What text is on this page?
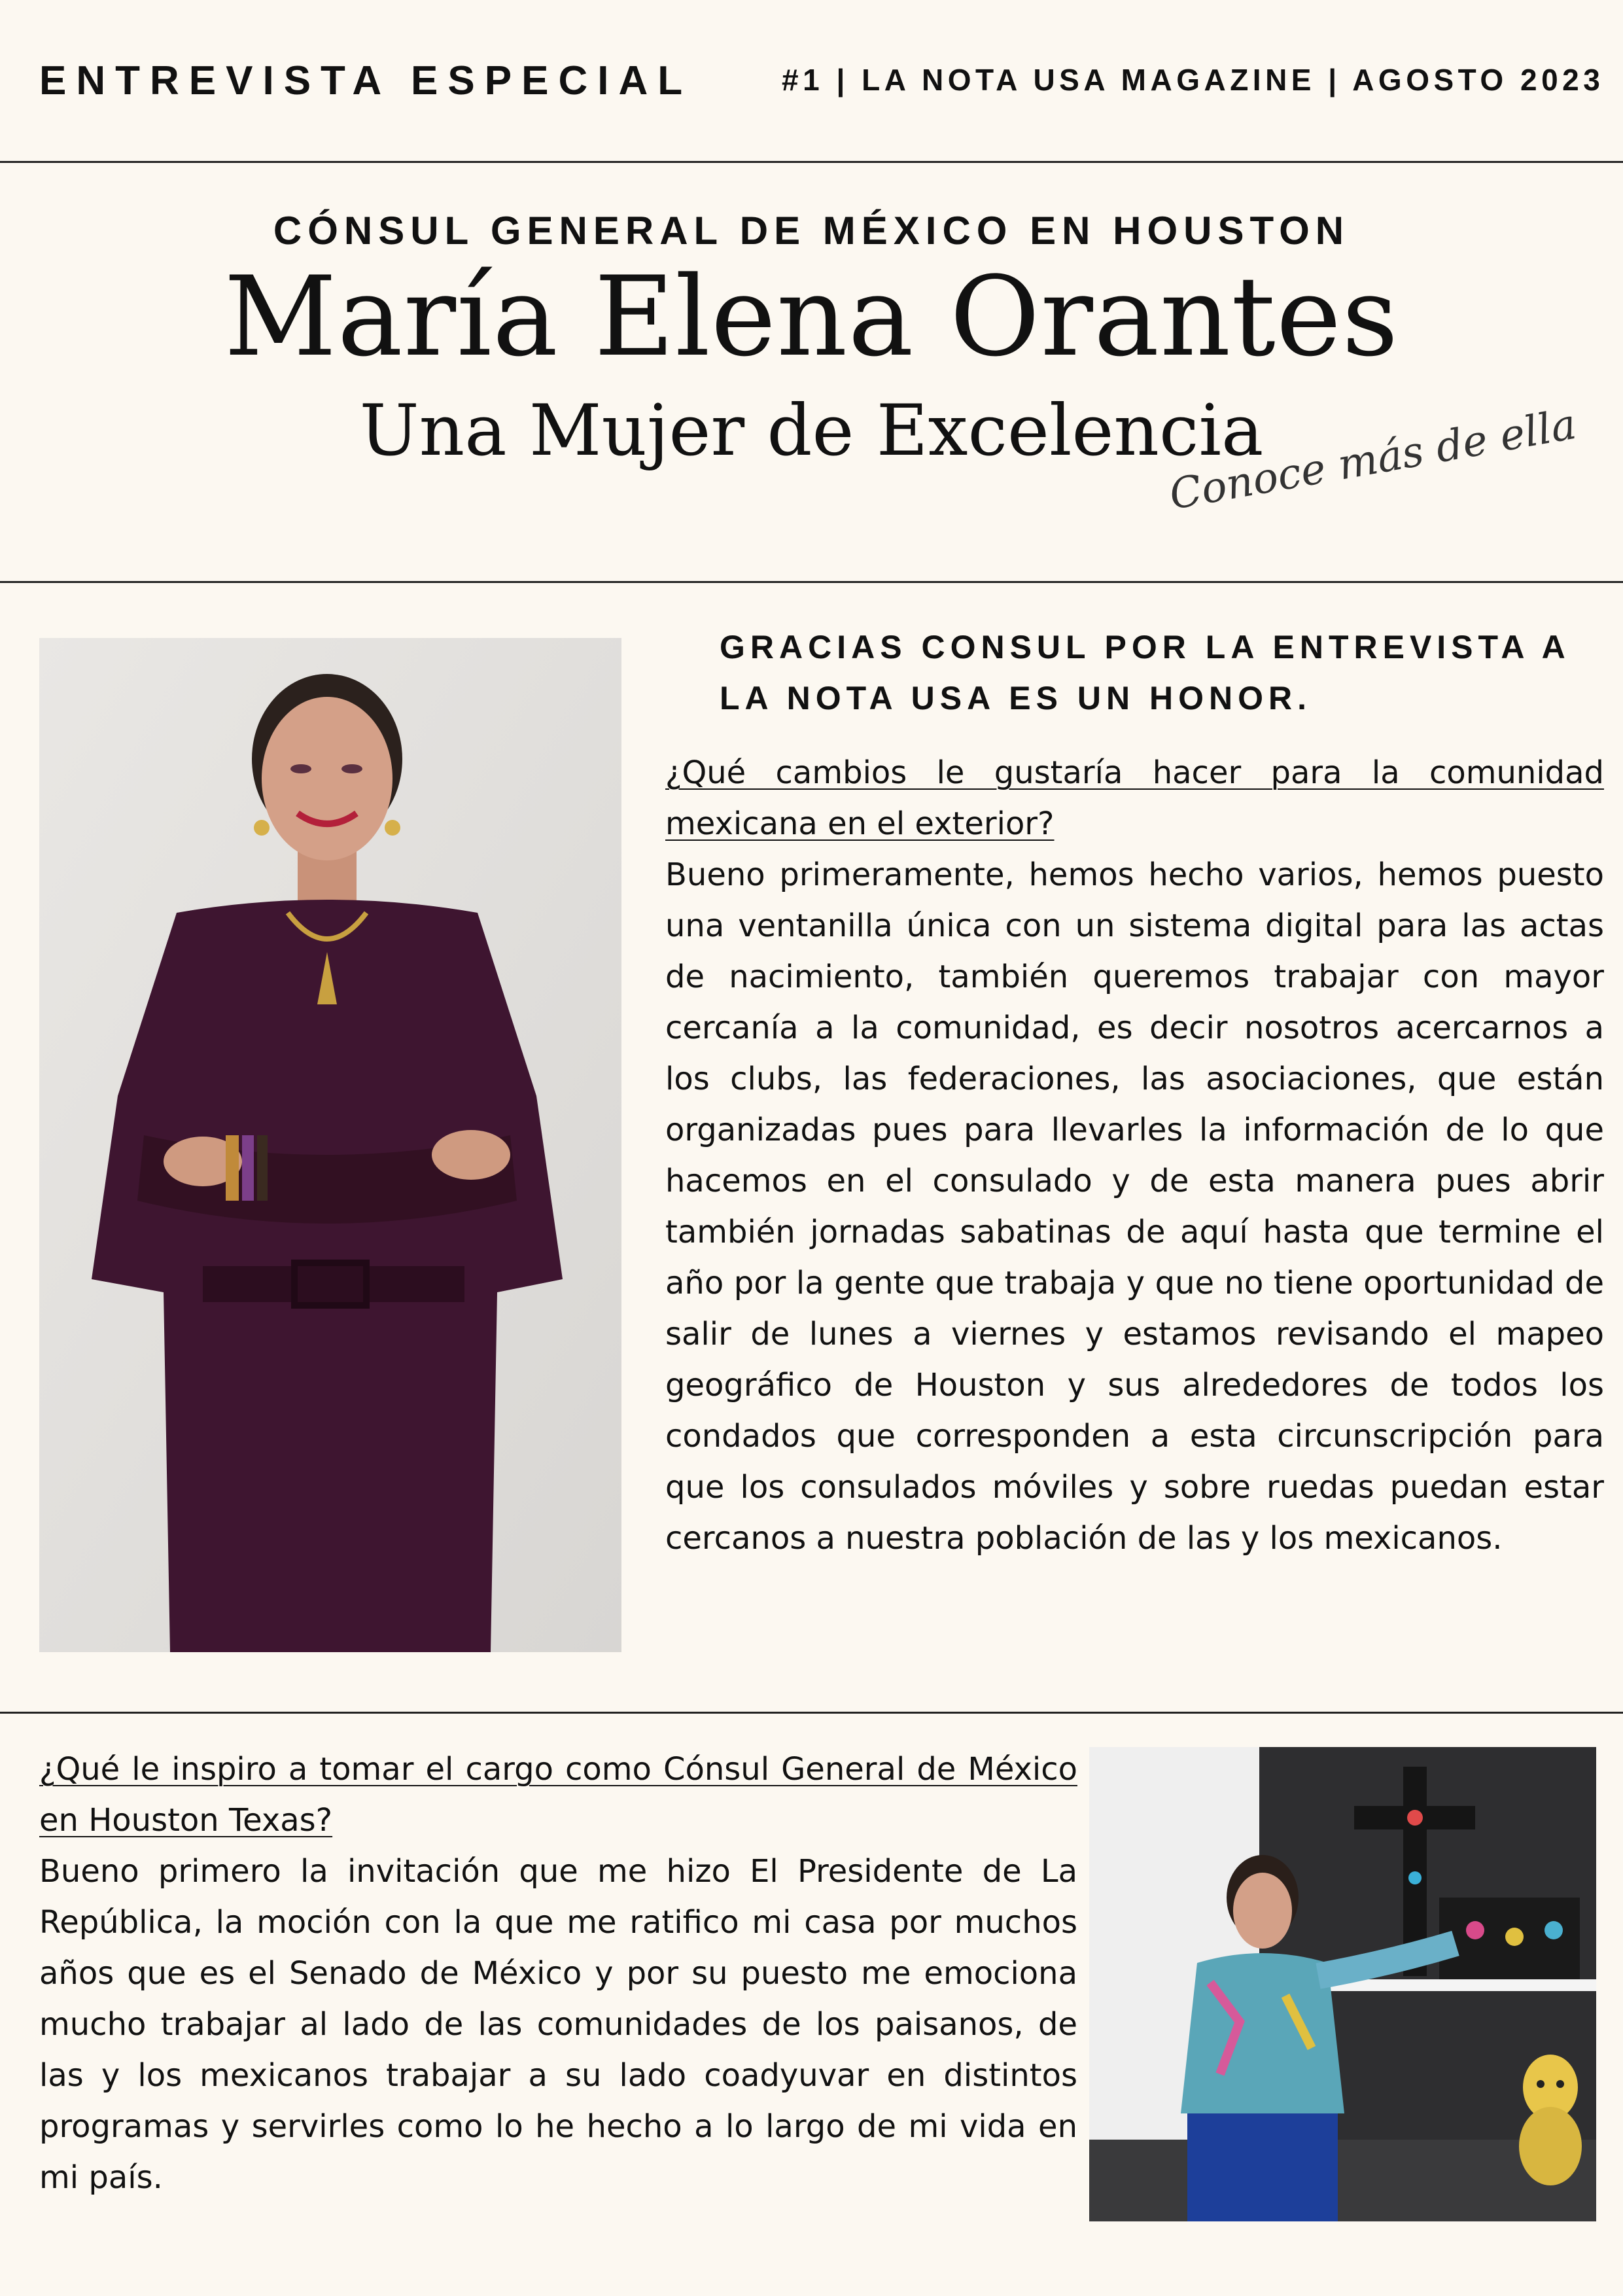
ENTREVISTA ESPECIAL	#1 | LA NOTA USA MAGAZINE | AGOSTO 2023
CÓNSUL GENERAL DE MÉXICO EN HOUSTON
María Elena Orantes
Una Mujer de Excelencia
Conoce más de ella
GRACIAS CONSUL POR LA ENTREVISTA A LA NOTA USA ES UN HONOR.
¿Qué cambios le gustaría hacer para la comunidad mexicana en el exterior?
Bueno primeramente, hemos hecho varios, hemos puesto una ventanilla única con un sistema digital para las actas de nacimiento, también queremos trabajar con mayor cercanía a la comunidad, es decir nosotros acercarnos a los clubs, las federaciones, las asociaciones, que están organizadas pues para llevarles la información de lo que hacemos en el consulado y de esta manera pues abrir también jornadas sabatinas de aquí hasta que termine el año por la gente que trabaja y que no tiene oportunidad de salir de lunes a viernes y estamos revisando el mapeo geográfico de Houston y sus alrededores de todos los condados que corresponden a esta circunscripción para que los consulados móviles y sobre ruedas puedan estar cercanos a nuestra población de las y los mexicanos.
¿Qué le inspiro a tomar el cargo como Cónsul General de México en Houston Texas?
Bueno primero la invitación que me hizo El Presidente de La República, la moción con la que me ratifico mi casa por muchos años que es el Senado de México y por su puesto me emociona mucho trabajar al lado de las comunidades de los paisanos, de las y los mexicanos trabajar a su lado coadyuvar en distintos programas y servirles como lo he hecho a lo largo de mi vida en mi país.
